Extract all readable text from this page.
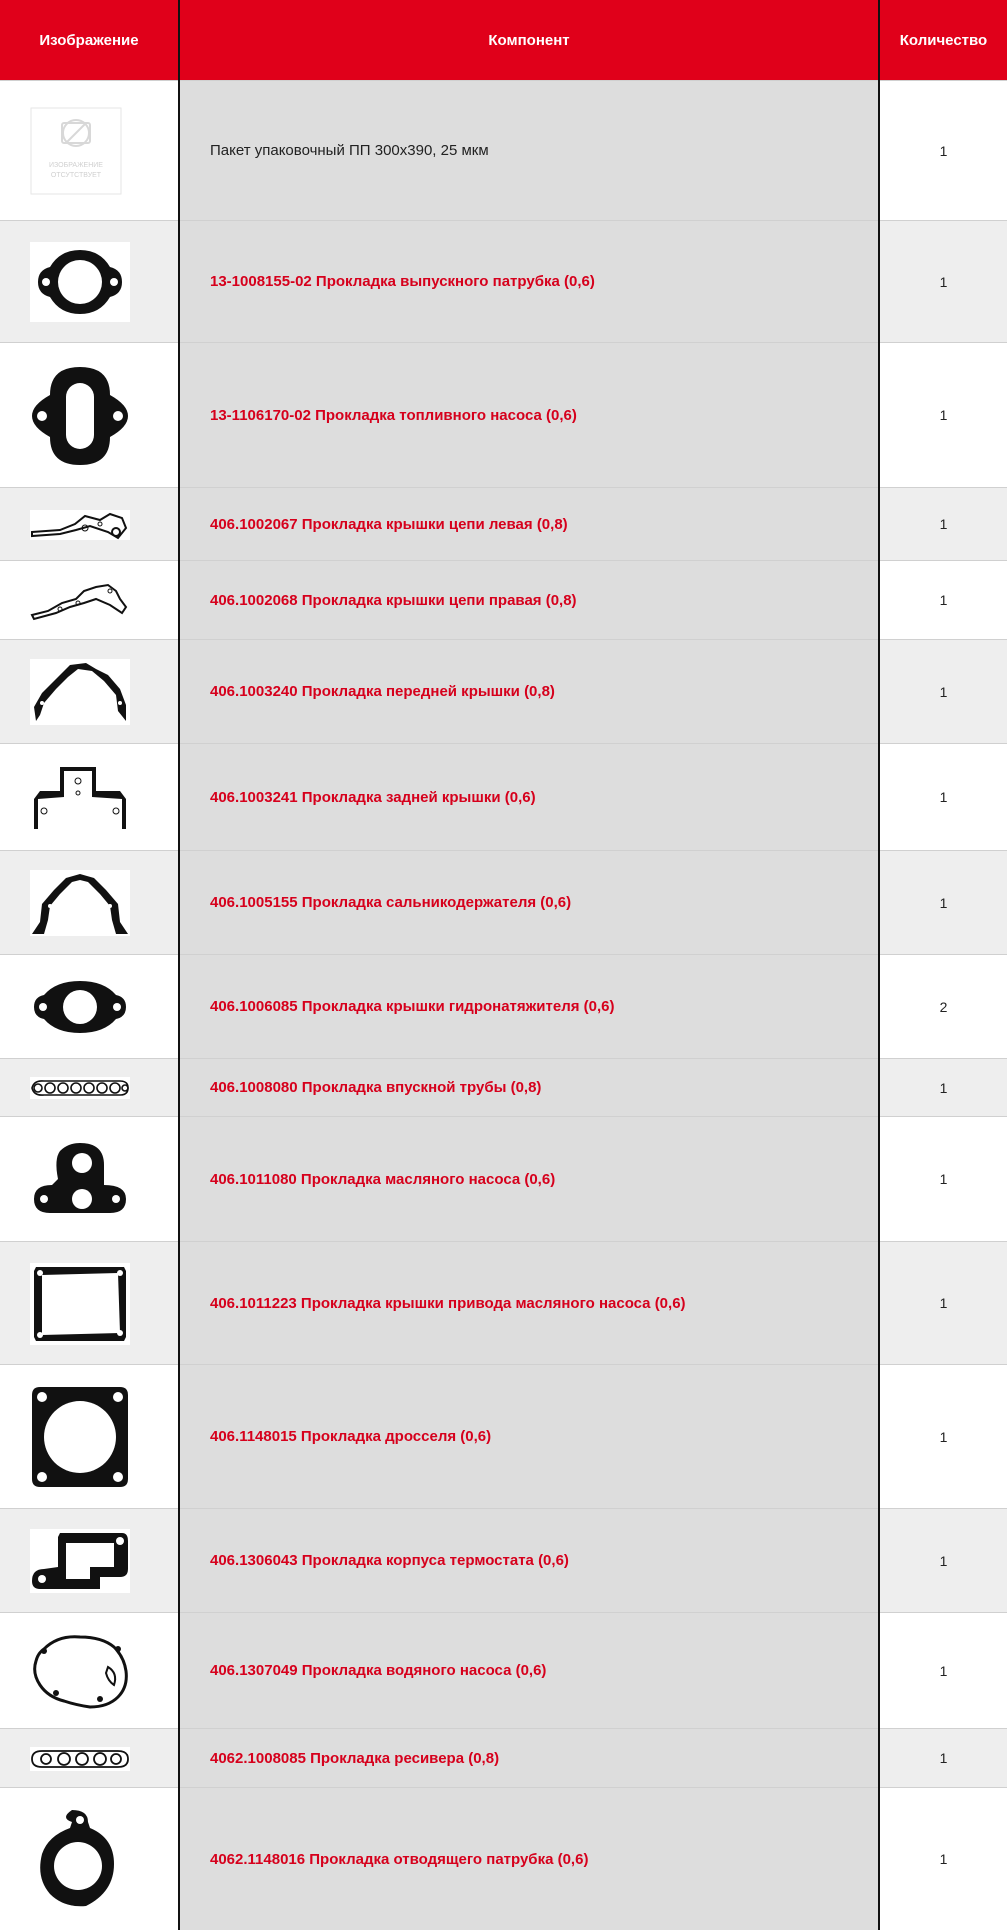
Изображение	Компонент	Количество
ИЗОБРАЖЕНИЕ
ОТСУТСТВУЕТ
Пакет упаковочный ПП 300х390, 25 мкм	1
13-1008155-02 Прокладка выпускного патрубка (0,6)	1
13-1106170-02 Прокладка топливного насоса (0,6)	1
406.1002067 Прокладка крышки цепи левая (0,8)	1
406.1002068 Прокладка крышки цепи правая (0,8)	1
406.1003240 Прокладка передней крышки (0,8)	1
406.1003241 Прокладка задней крышки (0,6)	1
406.1005155 Прокладка сальникодержателя (0,6)	1
406.1006085 Прокладка крышки гидронатяжителя (0,6)	2
406.1008080 Прокладка впускной трубы (0,8)	1
406.1011080 Прокладка масляного насоса (0,6)	1
406.1011223 Прокладка крышки привода масляного насоса (0,6)	1
406.1148015 Прокладка дросселя (0,6)	1
406.1306043 Прокладка корпуса термостата (0,6)	1
406.1307049 Прокладка водяного насоса (0,6)	1
4062.1008085 Прокладка ресивера (0,8)	1
4062.1148016 Прокладка отводящего патрубка (0,6)	1
